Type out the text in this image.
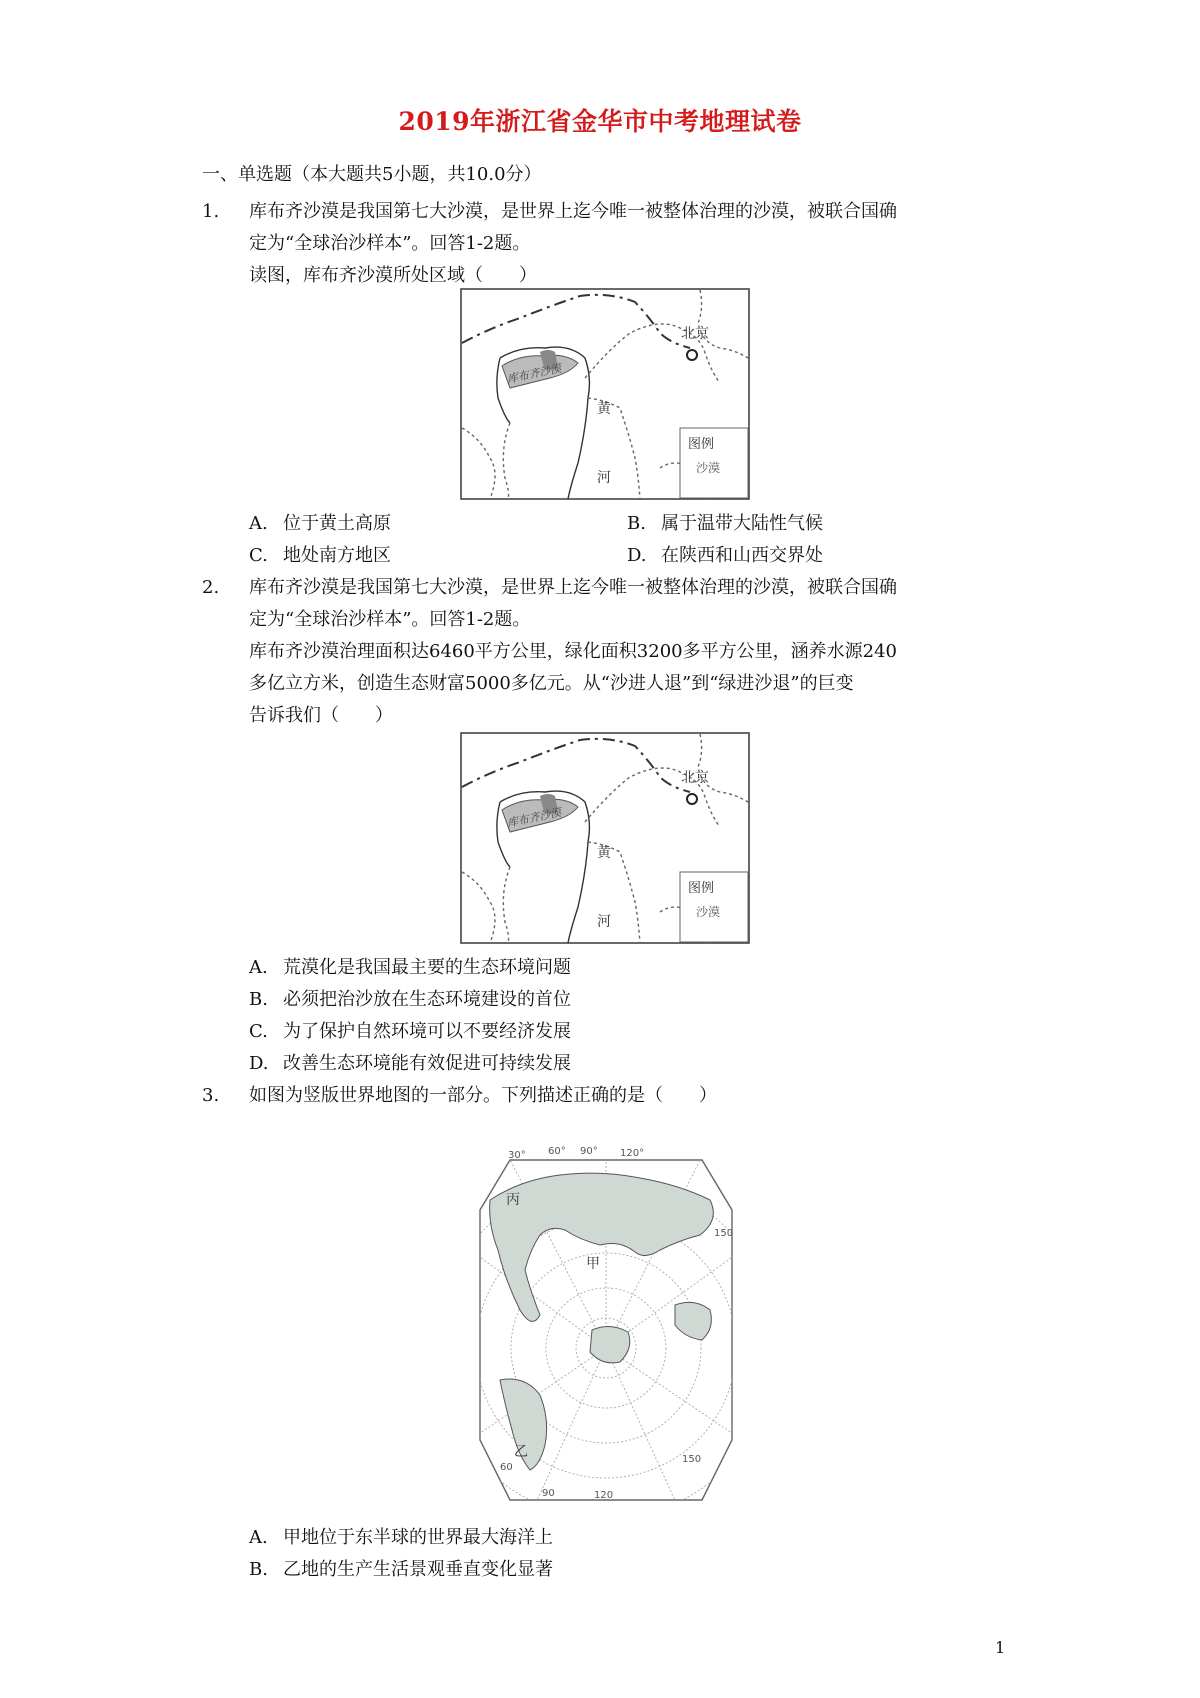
2019年浙江省金华市中考地理试卷
一、单选题（本大题共5小题，共10.0分）
1.	库布齐沙漠是我国第七大沙漠，是世界上迄今唯一被整体治理的沙漠，被联合国确

定为“全球治沙样本”。回答1-2题。

读图，库布齐沙漠所处区域（　　）

北京
库布齐沙漠
黄
河
图例
沙漠
A. 位于黄土高原	B. 属于温带大陆性气候
C. 地处南方地区	D. 在陕西和山西交界处
2.	库布齐沙漠是我国第七大沙漠，是世界上迄今唯一被整体治理的沙漠，被联合国确

定为“全球治沙样本”。回答1-2题。

库布齐沙漠治理面积达6460平方公里，绿化面积3200多平方公里，涵养水源240

多亿立方米，创造生态财富5000多亿元。从“沙进人退”到“绿进沙退”的巨变

告诉我们（　　）

北京
库布齐沙漠
黄
河
图例
沙漠
A. 荒漠化是我国最主要的生态环境问题
B. 必须把治沙放在生态环境建设的首位
C. 为了保护自然环境可以不要经济发展
D. 改善生态环境能有效促进可持续发展
3.	如图为竖版世界地图的一部分。下列描述正确的是（　　）

30° 60° 90° 120°
150
60
90	120
150
丙
甲
乙
A. 甲地位于东半球的世界最大海洋上
B. 乙地的生产生活景观垂直变化显著
1
